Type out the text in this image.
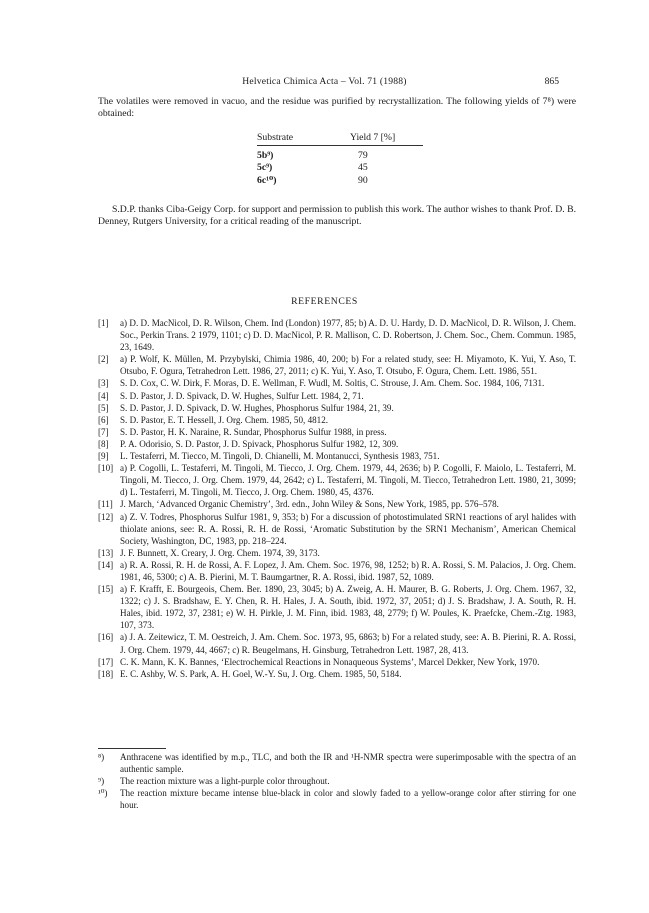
Helvetica Chimica Acta – Vol. 71 (1988)	865
The volatiles were removed in vacuo, and the residue was purified by recrystallization. The following yields of 7⁸) were obtained:
Substrate	Yield 7 [%]
5b⁹)	79
5c⁹)	45
6c¹⁰)	90
S.D.P. thanks Ciba-Geigy Corp. for support and permission to publish this work. The author wishes to thank Prof. D. B. Denney, Rutgers University, for a critical reading of the manuscript.
REFERENCES
[1]	a) D. D. MacNicol, D. R. Wilson, Chem. Ind (London) 1977, 85; b) A. D. U. Hardy, D. D. MacNicol, D. R. Wilson, J. Chem. Soc., Perkin Trans. 2 1979, 1101; c) D. D. MacNicol, P. R. Mallison, C. D. Robertson, J. Chem. Soc., Chem. Commun. 1985, 23, 1649.
[2]	a) P. Wolf, K. Müllen, M. Przybylski, Chimia 1986, 40, 200; b) For a related study, see: H. Miyamoto, K. Yui, Y. Aso, T. Otsubo, F. Ogura, Tetrahedron Lett. 1986, 27, 2011; c) K. Yui, Y. Aso, T. Otsubo, F. Ogura, Chem. Lett. 1986, 551.
[3]	S. D. Cox, C. W. Dirk, F. Moras, D. E. Wellman, F. Wudl, M. Soltis, C. Strouse, J. Am. Chem. Soc. 1984, 106, 7131.
[4]	S. D. Pastor, J. D. Spivack, D. W. Hughes, Sulfur Lett. 1984, 2, 71.
[5]	S. D. Pastor, J. D. Spivack, D. W. Hughes, Phosphorus Sulfur 1984, 21, 39.
[6]	S. D. Pastor, E. T. Hessell, J. Org. Chem. 1985, 50, 4812.
[7]	S. D. Pastor, H. K. Naraine, R. Sundar, Phosphorus Sulfur 1988, in press.
[8]	P. A. Odorisio, S. D. Pastor, J. D. Spivack, Phosphorus Sulfur 1982, 12, 309.
[9]	L. Testaferri, M. Tiecco, M. Tingoli, D. Chianelli, M. Montanucci, Synthesis 1983, 751.
[10] a) P. Cogolli, L. Testaferri, M. Tingoli, M. Tiecco, J. Org. Chem. 1979, 44, 2636; b) P. Cogolli, F. Maiolo, L. Testaferri, M. Tingoli, M. Tiecco, J. Org. Chem. 1979, 44, 2642; c) L. Testaferri, M. Tingoli, M. Tiecco, Tetrahedron Lett. 1980, 21, 3099; d) L. Testaferri, M. Tingoli, M. Tiecco, J. Org. Chem. 1980, 45, 4376.
[11] J. March, ‘Advanced Organic Chemistry’, 3rd. edn., John Wiley & Sons, New York, 1985, pp. 576–578.
[12] a) Z. V. Todres, Phosphorus Sulfur 1981, 9, 353; b) For a discussion of photostimulated SRN1 reactions of aryl halides with thiolate anions, see: R. A. Rossi, R. H. de Rossi, ‘Aromatic Substitution by the SRN1 Mechanism’, American Chemical Society, Washington, DC, 1983, pp. 218–224.
[13] J. F. Bunnett, X. Creary, J. Org. Chem. 1974, 39, 3173.
[14] a) R. A. Rossi, R. H. de Rossi, A. F. Lopez, J. Am. Chem. Soc. 1976, 98, 1252; b) R. A. Rossi, S. M. Palacios, J. Org. Chem. 1981, 46, 5300; c) A. B. Pierini, M. T. Baumgartner, R. A. Rossi, ibid. 1987, 52, 1089.
[15] a) F. Krafft, E. Bourgeois, Chem. Ber. 1890, 23, 3045; b) A. Zweig, A. H. Maurer, B. G. Roberts, J. Org. Chem. 1967, 32, 1322; c) J. S. Bradshaw, E. Y. Chen, R. H. Hales, J. A. South, ibid. 1972, 37, 2051; d) J. S. Bradshaw, J. A. South, R. H. Hales, ibid. 1972, 37, 2381; e) W. H. Pirkle, J. M. Finn, ibid. 1983, 48, 2779; f) W. Poules, K. Praefcke, Chem.-Ztg. 1983, 107, 373.
[16] a) J. A. Zeitewicz, T. M. Oestreich, J. Am. Chem. Soc. 1973, 95, 6863; b) For a related study, see: A. B. Pierini, R. A. Rossi, J. Org. Chem. 1979, 44, 4667; c) R. Beugelmans, H. Ginsburg, Tetrahedron Lett. 1987, 28, 413.
[17] C. K. Mann, K. K. Bannes, ‘Electrochemical Reactions in Nonaqueous Systems’, Marcel Dekker, New York, 1970.
[18] E. C. Ashby, W. S. Park, A. H. Goel, W.-Y. Su, J. Org. Chem. 1985, 50, 5184.
⁸)	Anthracene was identified by m.p., TLC, and both the IR and ¹H-NMR spectra were superimposable with the spectra of an authentic sample.
⁹)	The reaction mixture was a light-purple color throughout.
¹⁰)	The reaction mixture became intense blue-black in color and slowly faded to a yellow-orange color after stirring for one hour.
